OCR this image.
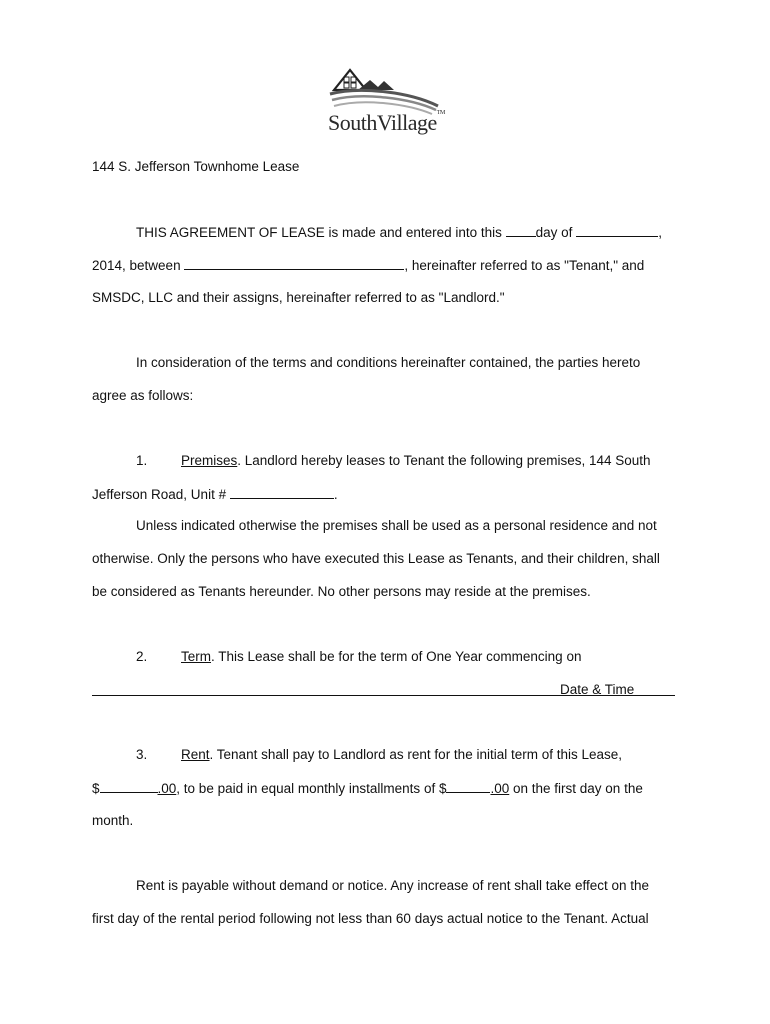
SouthVillage™
144 S. Jefferson Townhome Lease
THIS AGREEMENT OF LEASE is made and entered into this day of	,
2014, between	, hereinafter referred to as "Tenant," and
SMSDC, LLC and their assigns, hereinafter referred to as "Landlord."
In consideration of the terms and conditions hereinafter contained, the parties hereto
agree as follows:
1. Premises. Landlord hereby leases to Tenant the following premises, 144 South
Jefferson Road, Unit #	.
Unless indicated otherwise the premises shall be used as a personal residence and not
otherwise. Only the persons who have executed this Lease as Tenants, and their children, shall
be considered as Tenants hereunder. No other persons may reside at the premises.
2. Term. This Lease shall be for the term of One Year commencing on
Date & Time
3. Rent. Tenant shall pay to Landlord as rent for the initial term of this Lease,
$	.00, to be paid in equal monthly installments of $	.00 on the first day on the
month.
Rent is payable without demand or notice. Any increase of rent shall take effect on the
first day of the rental period following not less than 60 days actual notice to the Tenant. Actual
